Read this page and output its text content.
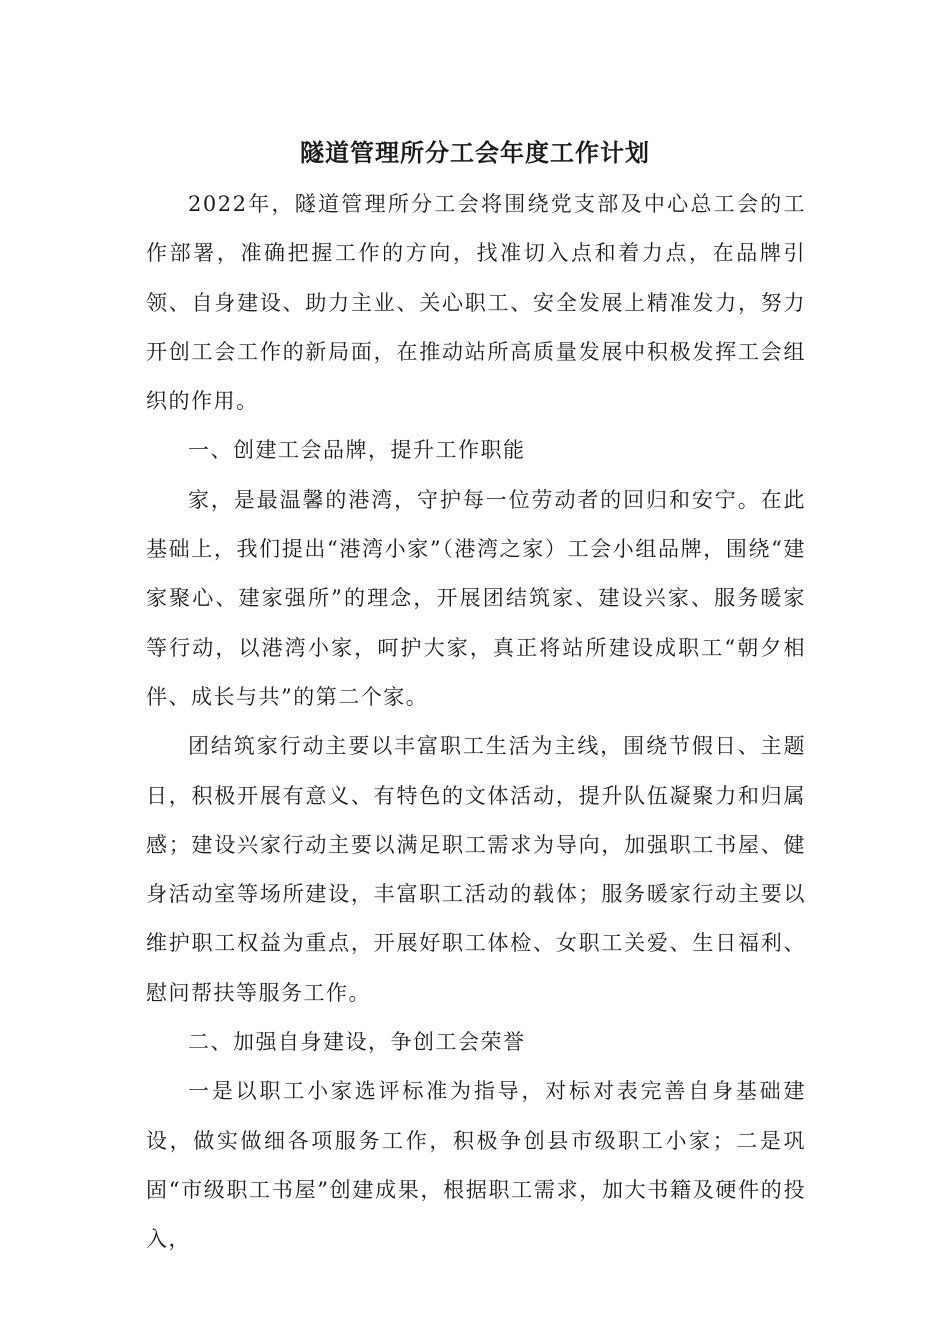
隧道管理所分工会年度工作计划

2022年，隧道管理所分工会将围绕党支部及中心总工会的工作部署，准确把握工作的方向，找准切入点和着力点，在品牌引领、自身建设、助力主业、关心职工、安全发展上精准发力，努力开创工会工作的新局面，在推动站所高质量发展中积极发挥工会组织的作用。

一、创建工会品牌，提升工作职能

家，是最温馨的港湾，守护每一位劳动者的回归和安宁。在此基础上，我们提出“港湾小家”（港湾之家）工会小组品牌，围绕“建家聚心、建家强所”的理念，开展团结筑家、建设兴家、服务暖家等行动，以港湾小家，呵护大家，真正将站所建设成职工“朝夕相伴、成长与共”的第二个家。

团结筑家行动主要以丰富职工生活为主线，围绕节假日、主题日，积极开展有意义、有特色的文体活动，提升队伍凝聚力和归属感；建设兴家行动主要以满足职工需求为导向，加强职工书屋、健身活动室等场所建设，丰富职工活动的载体；服务暖家行动主要以维护职工权益为重点，开展好职工体检、女职工关爱、生日福利、慰问帮扶等服务工作。

二、加强自身建设，争创工会荣誉

一是以职工小家选评标准为指导，对标对表完善自身基础建设，做实做细各项服务工作，积极争创县市级职工小家；二是巩固“市级职工书屋”创建成果，根据职工需求，加大书籍及硬件的投入，
